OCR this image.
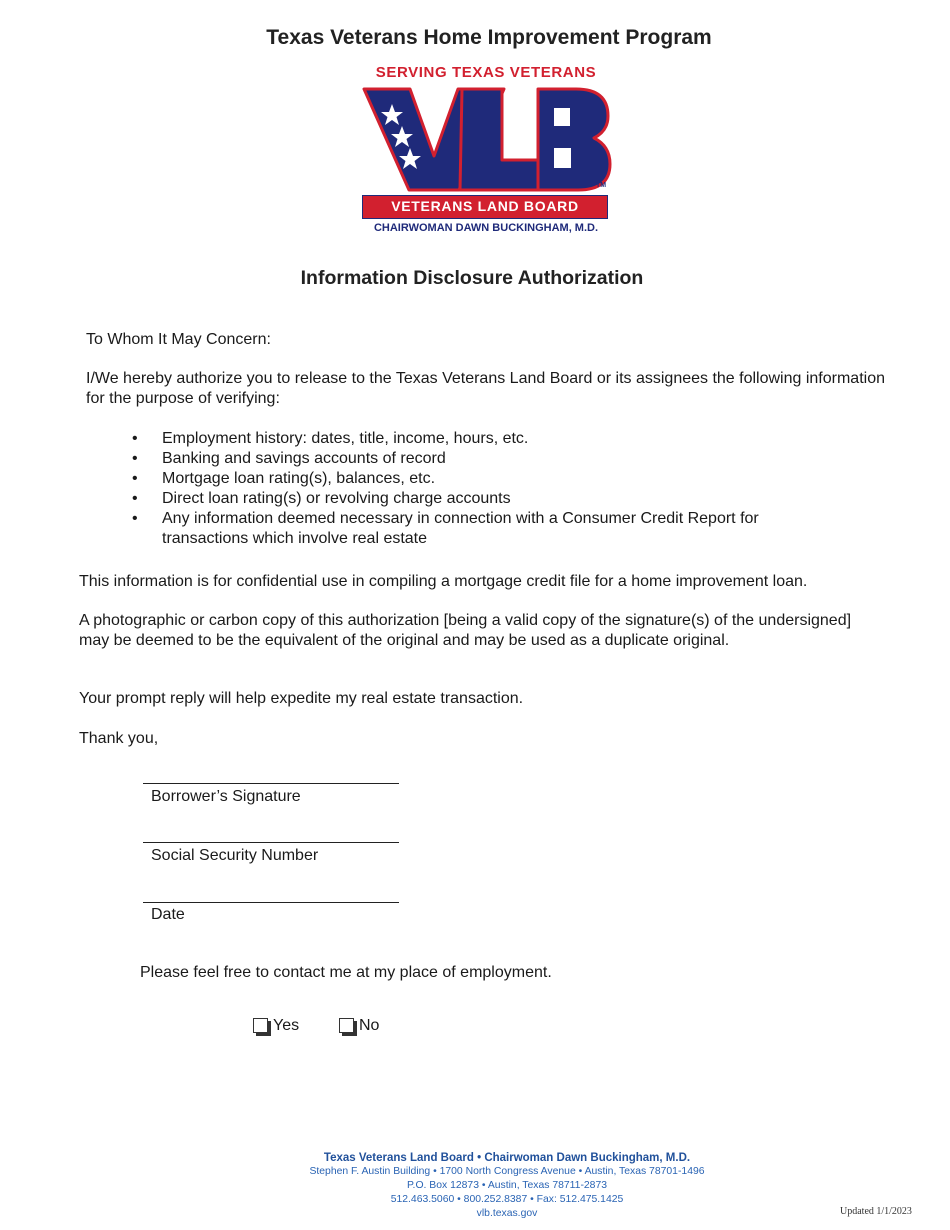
Texas Veterans Home Improvement Program
SERVING TEXAS VETERANS
TM
VETERANS LAND BOARD
CHAIRWOMAN DAWN BUCKINGHAM, M.D.
Information Disclosure Authorization
To Whom It May Concern:
I/We hereby authorize you to release to the Texas Veterans Land Board or its assignees the following information for the purpose of verifying:
• Employment history: dates, title, income, hours, etc.
• Banking and savings accounts of record
• Mortgage loan rating(s), balances, etc.
• Direct loan rating(s) or revolving charge accounts
• Any information deemed necessary in connection with a Consumer Credit Report for transactions which involve real estate
This information is for confidential use in compiling a mortgage credit file for a home improvement loan.
A photographic or carbon copy of this authorization [being a valid copy of the signature(s) of the undersigned] may be deemed to be the equivalent of the original and may be used as a duplicate original.
Your prompt reply will help expedite my real estate transaction.
Thank you,
Borrower’s Signature
Social Security Number
Date
Please feel free to contact me at my place of employment.
Yes	No
Texas Veterans Land Board • Chairwoman Dawn Buckingham, M.D.
Stephen F. Austin Building • 1700 North Congress Avenue • Austin, Texas 78701-1496
P.O. Box 12873 • Austin, Texas 78711-2873
512.463.5060 • 800.252.8387 • Fax: 512.475.1425
vlb.texas.gov	Updated 1/1/2023
